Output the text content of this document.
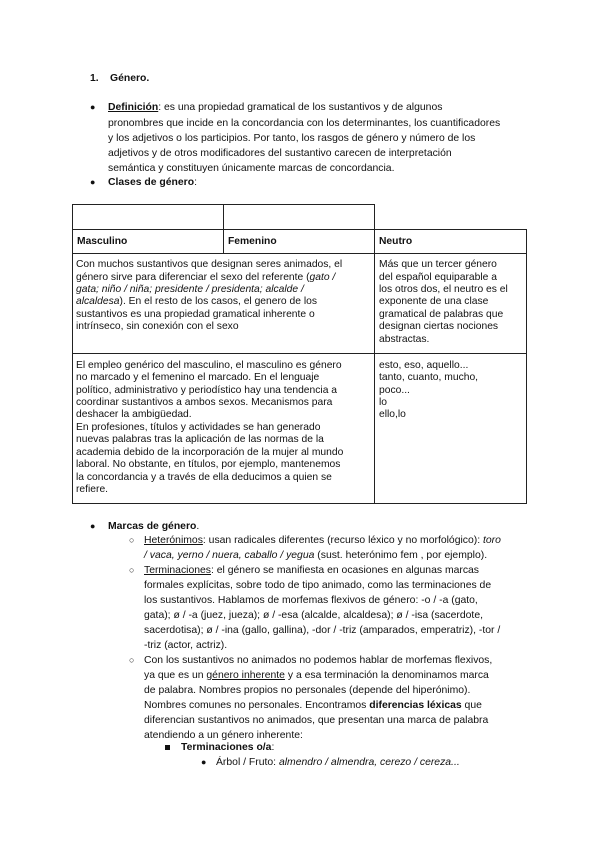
1. Género.
● Definición: es una propiedad gramatical de los sustantivos y de algunos
pronombres que incide en la concordancia con los determinantes, los cuantificadores
y los adjetivos o los participios. Por tanto, los rasgos de género y número de los
adjetivos y de otros modificadores del sustantivo carecen de interpretación
semántica y constituyen únicamente marcas de concordancia.
● Clases de género:
Masculino	Femenino	Neutro
Con muchos sustantivos que designan seres animados, el
género sirve para diferenciar el sexo del referente (gato /
gata; niño / niña; presidente / presidenta; alcalde /
alcaldesa). En el resto de los casos, el genero de los
sustantivos es una propiedad gramatical inherente o
intrínseco, sin conexión con el sexo
Más que un tercer género
del español equiparable a
los otros dos, el neutro es el
exponente de una clase
gramatical de palabras que
designan ciertas nociones
abstractas.
El empleo genérico del masculino, el masculino es género
no marcado y el femenino el marcado. En el lenguaje
político, administrativo y periodístico hay una tendencia a
coordinar sustantivos a ambos sexos. Mecanismos para
deshacer la ambigüedad.
En profesiones, títulos y actividades se han generado
nuevas palabras tras la aplicación de las normas de la
academia debido de la incorporación de la mujer al mundo
laboral. No obstante, en títulos, por ejemplo, mantenemos
la concordancia y a través de ella deducimos a quien se
refiere.
esto, eso, aquello...
tanto, cuanto, mucho,
poco...
lo
ello,lo
● Marcas de género.
○ Heterónimos: usan radicales diferentes (recurso léxico y no morfológico): toro
/ vaca, yerno / nuera, caballo / yegua (sust. heterónimo fem , por ejemplo).
○ Terminaciones: el género se manifiesta en ocasiones en algunas marcas
formales explícitas, sobre todo de tipo animado, como las terminaciones de
los sustantivos. Hablamos de morfemas flexivos de género: -o / -a (gato,
gata); ø / -a (juez, jueza); ø / -esa (alcalde, alcaldesa); ø / -isa (sacerdote,
sacerdotisa); ø / -ina (gallo, gallina), -dor / -triz (amparados, emperatriz), -tor /
-triz (actor, actriz).
○ Con los sustantivos no animados no podemos hablar de morfemas flexivos,
ya que es un género inherente y a esa terminación la denominamos marca
de palabra. Nombres propios no personales (depende del hiperónimo).
Nombres comunes no personales. Encontramos diferencias léxicas que
diferencian sustantivos no animados, que presentan una marca de palabra
atendiendo a un género inherente:
Terminaciones o/a:
● Árbol / Fruto: almendro / almendra, cerezo / cereza...
